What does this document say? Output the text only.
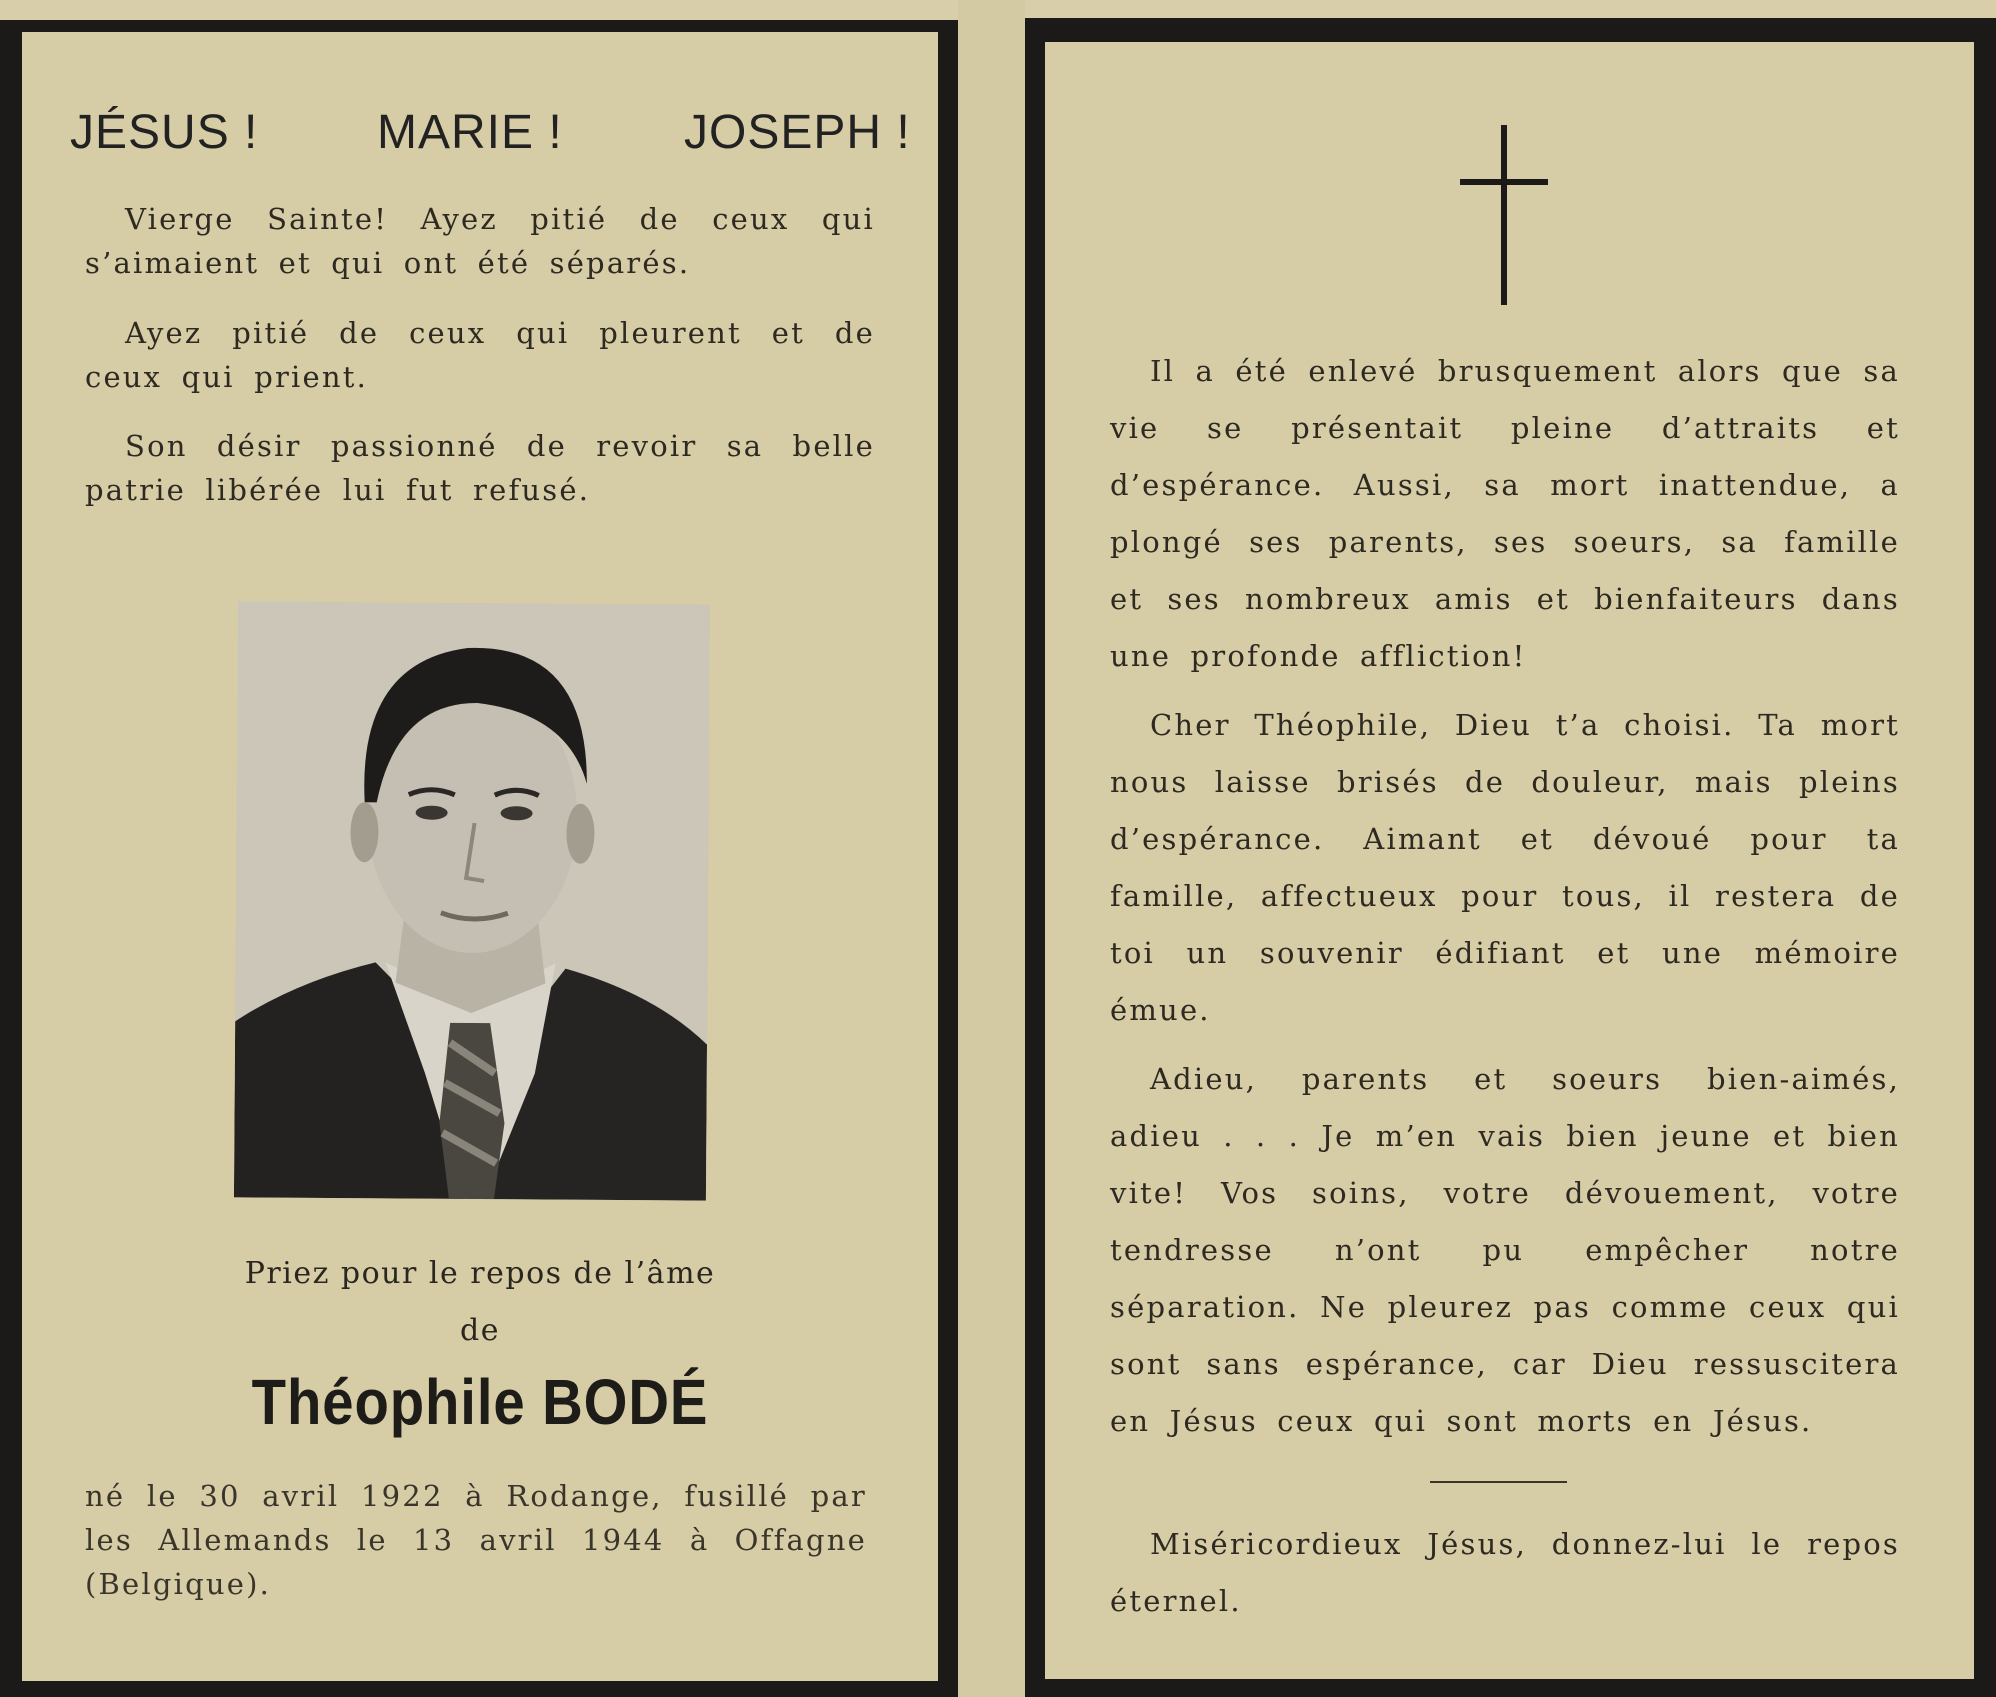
JÉSUS ! MARIE !	JOSEPH !
Vierge Sainte! Ayez pitié de ceux qui s’aimaient et qui ont été séparés.
Ayez pitié de ceux qui pleurent et de ceux qui prient.
Son désir passionné de revoir sa belle patrie libérée lui fut refusé.
Priez pour le repos de l’âme
de
Théophile BODÉ
né le 30 avril 1922 à Rodange, fusillé par les Allemands le 13 avril 1944 à Offagne (Belgique).
Il a été enlevé brusquement alors que sa vie se présentait pleine d’attraits et d’espérance. Aussi, sa mort inattendue, a plongé ses parents, ses soeurs, sa famille et ses nombreux amis et bienfaiteurs dans une profonde affliction!
Cher Théophile, Dieu t’a choisi. Ta mort nous laisse brisés de douleur, mais pleins d’espérance. Aimant et dévoué pour ta famille, affectueux pour tous, il restera de toi un souvenir édifiant et une mémoire émue.
Adieu, parents et soeurs bien-aimés, adieu . . . Je m’en vais bien jeune et bien vite! Vos soins, votre dévouement, votre tendresse n’ont pu empêcher notre séparation. Ne pleurez pas comme ceux qui sont sans espérance, car Dieu ressuscitera en Jésus ceux qui sont morts en Jésus.
Miséricordieux Jésus, donnez-lui le repos éternel.
